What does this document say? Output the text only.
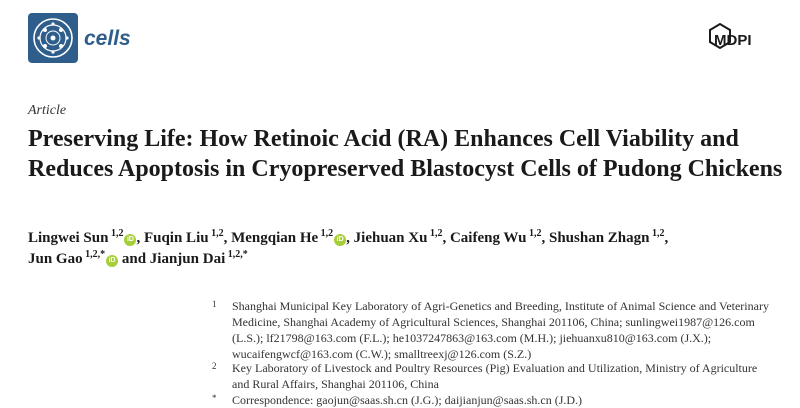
cells	MDPI
Article
Preserving Life: How Retinoic Acid (RA) Enhances Cell Viability and Reduces Apoptosis in Cryopreserved Blastocyst Cells of Pudong Chickens
Lingwei Sun $^{1,2}$iD , Fuqin Liu $^{1,2}$, Mengqian He $^{1,2}$iD , Jiehuan Xu $^{1,2}$, Caifeng Wu $^{1,2}$, Shushan Zhagn $^{1,2}$,
Jun Gao $^{1,2,*}$iD and Jianjun Dai $^{1,2,*}$
1 Shanghai Municipal Key Laboratory of Agri-Genetics and Breeding, Institute of Animal Science and Veterinary Medicine, Shanghai Academy of Agricultural Sciences, Shanghai 201106, China; sunlingwei1987@126.com (L.S.); lf21798@163.com (F.L.); he1037247863@163.com (M.H.); jiehuanxu810@163.com (J.X.); wucaifengwcf@163.com (C.W.); smalltreexj@126.com (S.Z.)
2 Key Laboratory of Livestock and Poultry Resources (Pig) Evaluation and Utilization, Ministry of Agriculture and Rural Affairs, Shanghai 201106, China
* Correspondence: gaojun@saas.sh.cn (J.G.); daijianjun@saas.sh.cn (J.D.)
